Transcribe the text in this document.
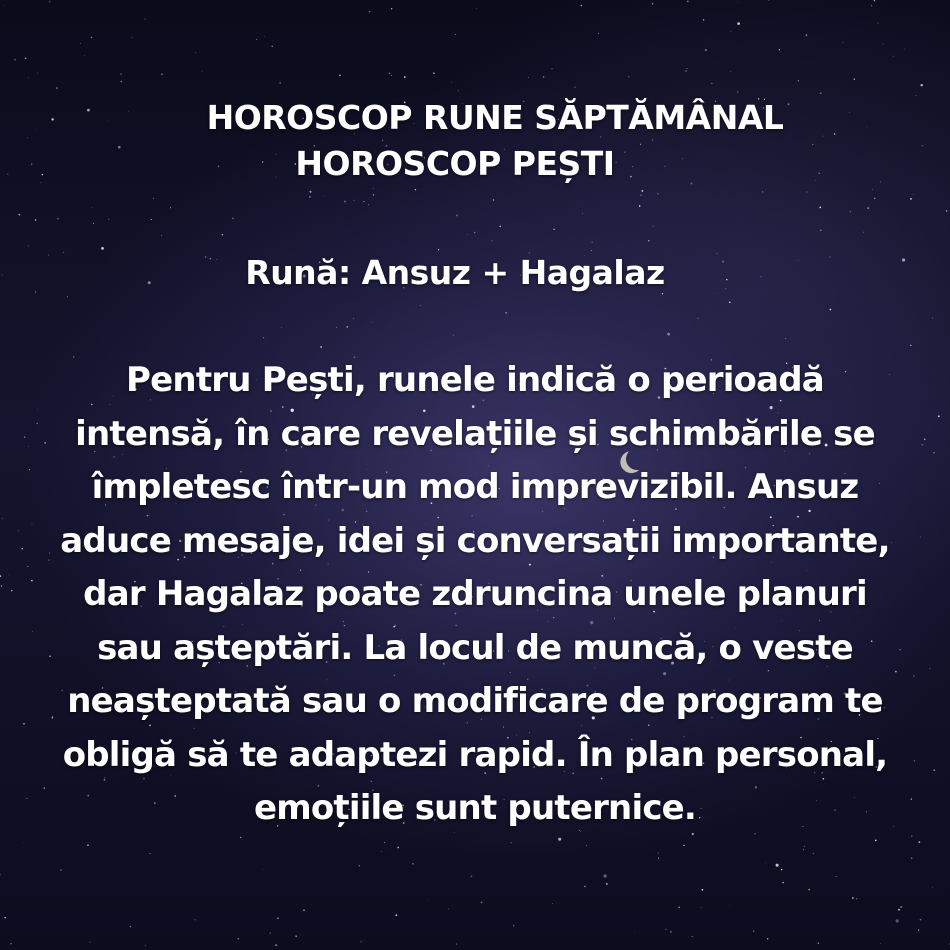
HOROSCOP RUNE SĂPTĂMÂNAL
HOROSCOP PEȘTI
Rună: Ansuz + Hagalaz
Pentru Pești, runele indică o perioadă
intensă, în care revelațiile și schimbările se
împletesc într-un mod imprevizibil. Ansuz
aduce mesaje, idei și conversații importante,
dar Hagalaz poate zdruncina unele planuri
sau așteptări. La locul de muncă, o veste
neașteptată sau o modificare de program te
obligă să te adaptezi rapid. În plan personal,
emoțiile sunt puternice.
